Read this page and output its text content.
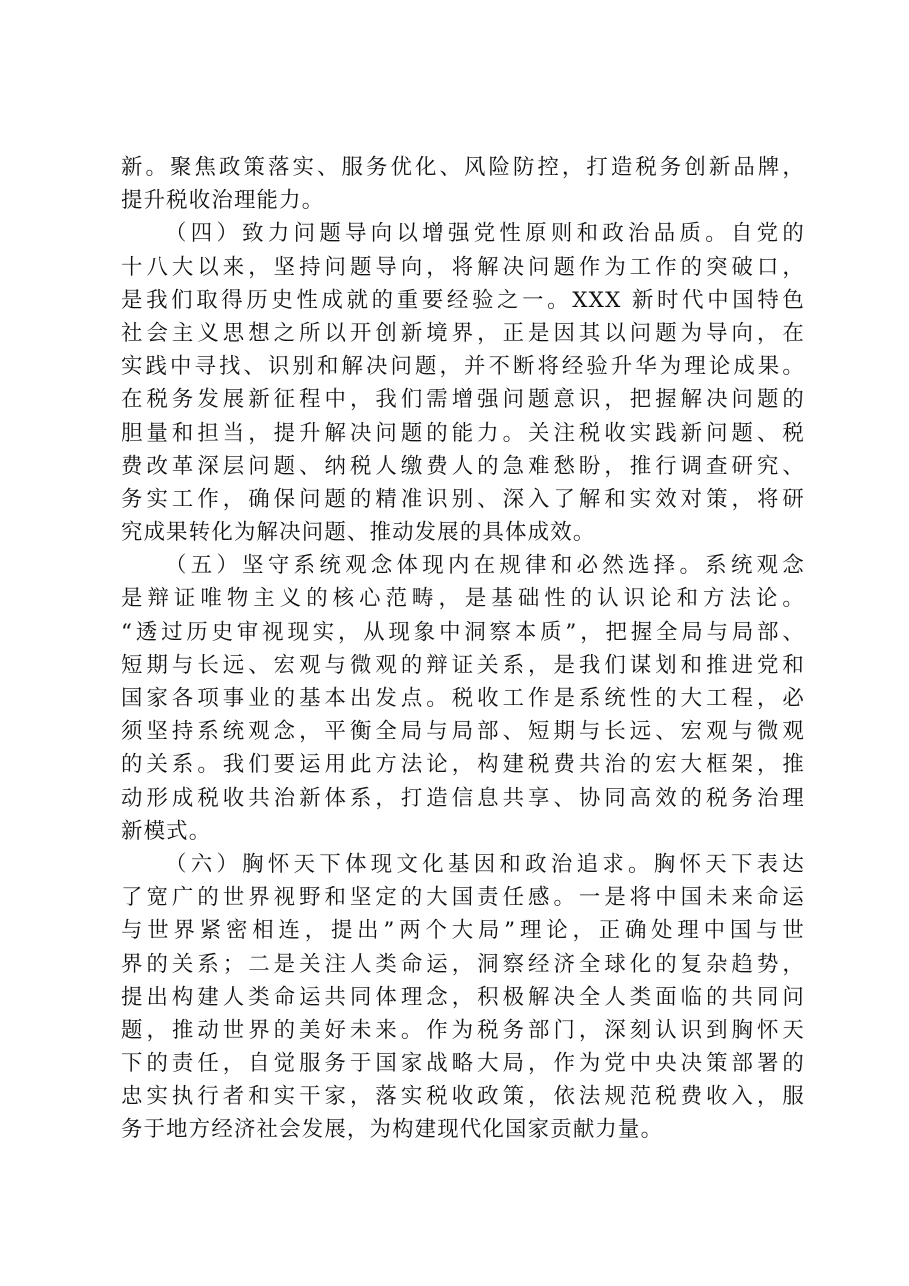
新。聚焦政策落实、服务优化、风险防控，打造税务创新品牌，
提升税收治理能力。
（四）致力问题导向以增强党性原则和政治品质。自党的
十八大以来，坚持问题导向，将解决问题作为工作的突破口，
是我们取得历史性成就的重要经验之一。XXX 新时代中国特色
社会主义思想之所以开创新境界，正是因其以问题为导向，在
实践中寻找、识别和解决问题，并不断将经验升华为理论成果。
在税务发展新征程中，我们需增强问题意识，把握解决问题的
胆量和担当，提升解决问题的能力。关注税收实践新问题、税
费改革深层问题、纳税人缴费人的急难愁盼，推行调查研究、
务实工作，确保问题的精准识别、深入了解和实效对策，将研
究成果转化为解决问题、推动发展的具体成效。
（五）坚守系统观念体现内在规律和必然选择。系统观念
是辩证唯物主义的核心范畴，是基础性的认识论和方法论。
“透过历史审视现实，从现象中洞察本质”，把握全局与局部、
短期与长远、宏观与微观的辩证关系，是我们谋划和推进党和
国家各项事业的基本出发点。税收工作是系统性的大工程，必
须坚持系统观念，平衡全局与局部、短期与长远、宏观与微观
的关系。我们要运用此方法论，构建税费共治的宏大框架，推
动形成税收共治新体系，打造信息共享、协同高效的税务治理
新模式。
（六）胸怀天下体现文化基因和政治追求。胸怀天下表达
了宽广的世界视野和坚定的大国责任感。一是将中国未来命运
与世界紧密相连，提出”两个大局”理论，正确处理中国与世
界的关系；二是关注人类命运，洞察经济全球化的复杂趋势，
提出构建人类命运共同体理念，积极解决全人类面临的共同问
题，推动世界的美好未来。作为税务部门，深刻认识到胸怀天
下的责任，自觉服务于国家战略大局，作为党中央决策部署的
忠实执行者和实干家，落实税收政策，依法规范税费收入，服
务于地方经济社会发展，为构建现代化国家贡献力量。
